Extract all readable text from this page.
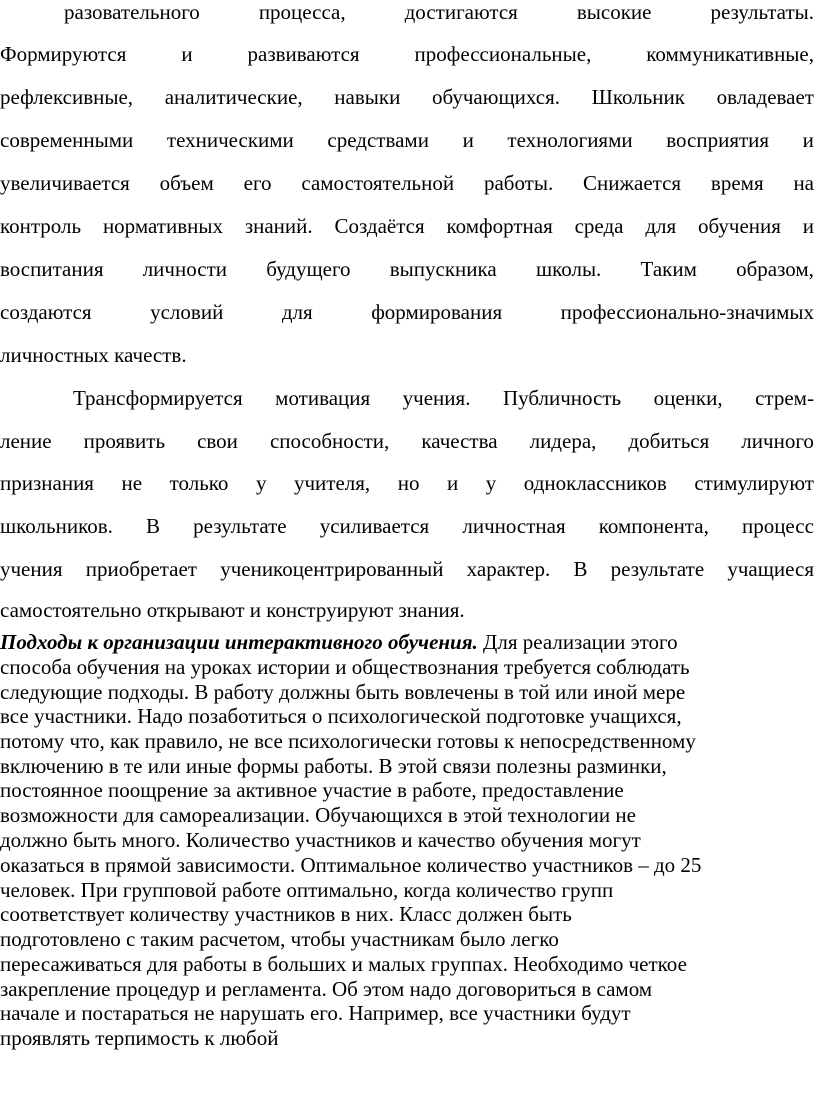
разовательного	процесса,	достигаются	высокие	результаты.
Формируются	и	развиваются	профессиональные,	коммуникативные,
рефлексивные, аналитические, навыки обучающихся. Школьник овладевает
современными техническими средствами и технологиями восприятия и
увеличивается объем его самостоятельной работы. Снижается время на
контроль нормативных знаний. Создаётся комфортная среда для обучения и
воспитания личности будущего выпускника школы. Таким образом,
создаются	условий	для	формирования	профессионально-значимых
личностных качеств.
Трансформируется мотивация учения. Публичность оценки, стрем-
ление проявить свои способности, качества лидера, добиться личного
признания не только у учителя, но и у одноклассников стимулируют
школьников. В результате усиливается личностная компонента, процесс
учения приобретает ученикоцентрированный характер. В результате учащиеся
самостоятельно открывают и конструируют знания.
Подходы к организации интерактивного обучения. Для реализации этого
способа обучения на уроках истории и обществознания требуется соблюдать
следующие подходы. В работу должны быть вовлечены в той или иной мере
все участники. Надо позаботиться о психологической подготовке учащихся,
потому что, как правило, не все психологически готовы к непосредственному
включению в те или иные формы работы. В этой связи полезны разминки,
постоянное поощрение за активное участие в работе, предоставление
возможности для самореализации. Обучающихся в этой технологии не
должно быть много. Количество участников и качество обучения могут
оказаться в прямой зависимости. Оптимальное количество участников – до 25
человек. При групповой работе оптимально, когда количество групп
соответствует количеству участников в них. Класс должен быть
подготовлено с таким расчетом, чтобы участникам было легко
пересаживаться для работы в больших и малых группах. Необходимо четкое
закрепление процедур и регламента. Об этом надо договориться в самом
начале и постараться не нарушать его. Например, все участники будут
проявлять терпимость к любой
